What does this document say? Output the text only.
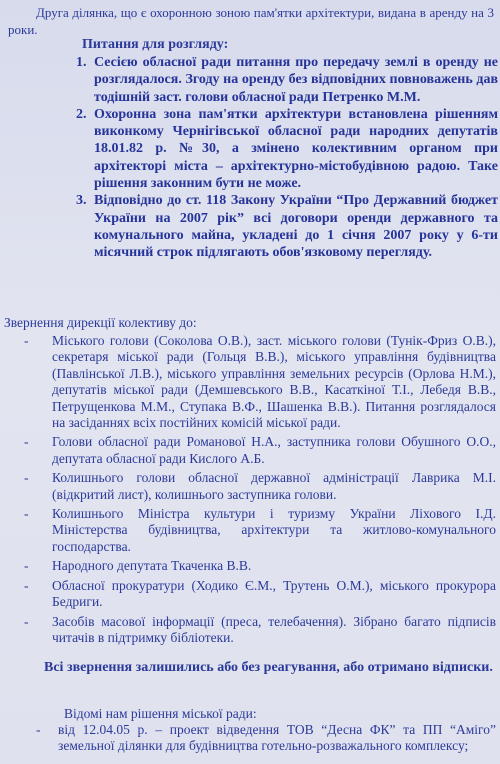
Друга ділянка, що є охоронною зоною пам'ятки архітектури, видана в аренду на 3 роки.

Питання для розгляду:

1. Сесією обласної ради питання про передачу землі в оренду не розглядалося. Згоду на оренду без відповідних повноважень дав тодішній заст. голови обласної ради Петренко М.М.
2. Охоронна зона пам'ятки архітектури встановлена рішенням виконкому Чернігівської обласної ради народних депутатів 18.01.82 р. №30, а змінено колективним органом при архітекторі міста – архітектурно-містобудівною радою. Таке рішення законним бути не може.
3. Відповідно до ст. 118 Закону України “Про Державний бюджет України на 2007 рік” всі договори оренди державного та комунального майна, укладені до 1 січня 2007 року у 6-ти місячний строк підлягають обов'язковому перегляду.

Звернення дирекції колективу до:

- Міського голови (Соколова О.В.), заст. міського голови (Тунік-Фриз О.В.), секретаря міської ради (Гольця В.В.), міського управління будівництва (Павлінської Л.В.), міського управління земельних ресурсів (Орлова Н.М.), депутатів міської ради (Демшевського В.В., Касаткіної Т.І., Лебедя В.В., Петрущенкова М.М., Ступака В.Ф., Шашенка В.В.). Питання розглядалося на засіданнях всіх постійних комісій міської ради.
- Голови обласної ради Романової Н.А., заступника голови Обушного О.О., депутата обласної ради Кислого А.Б.
- Колишнього голови обласної державної адміністрації Лаврика М.І. (відкритий лист), колишнього заступника голови.
- Колишнього Міністра культури і туризму України Ліхового І.Д. Міністерства будівництва, архітектури та житлово-комунального господарства.
- Народного депутата Ткаченка В.В.
- Обласної прокуратури (Ходико Є.М., Трутень О.М.), міського прокурора Бедриги.
- Засобів масової інформації (преса, телебачення). Зібрано багато підписів читачів в підтримку бібліотеки.

Всі звернення залишились або без реагування, або отримано відписки.

Відомі нам рішення міської ради:

- від 12.04.05 р. – проект відведення ТОВ “Десна ФК” та ПП “Аміго” земельної ділянки для будівництва готельно-розважального комплексу;
